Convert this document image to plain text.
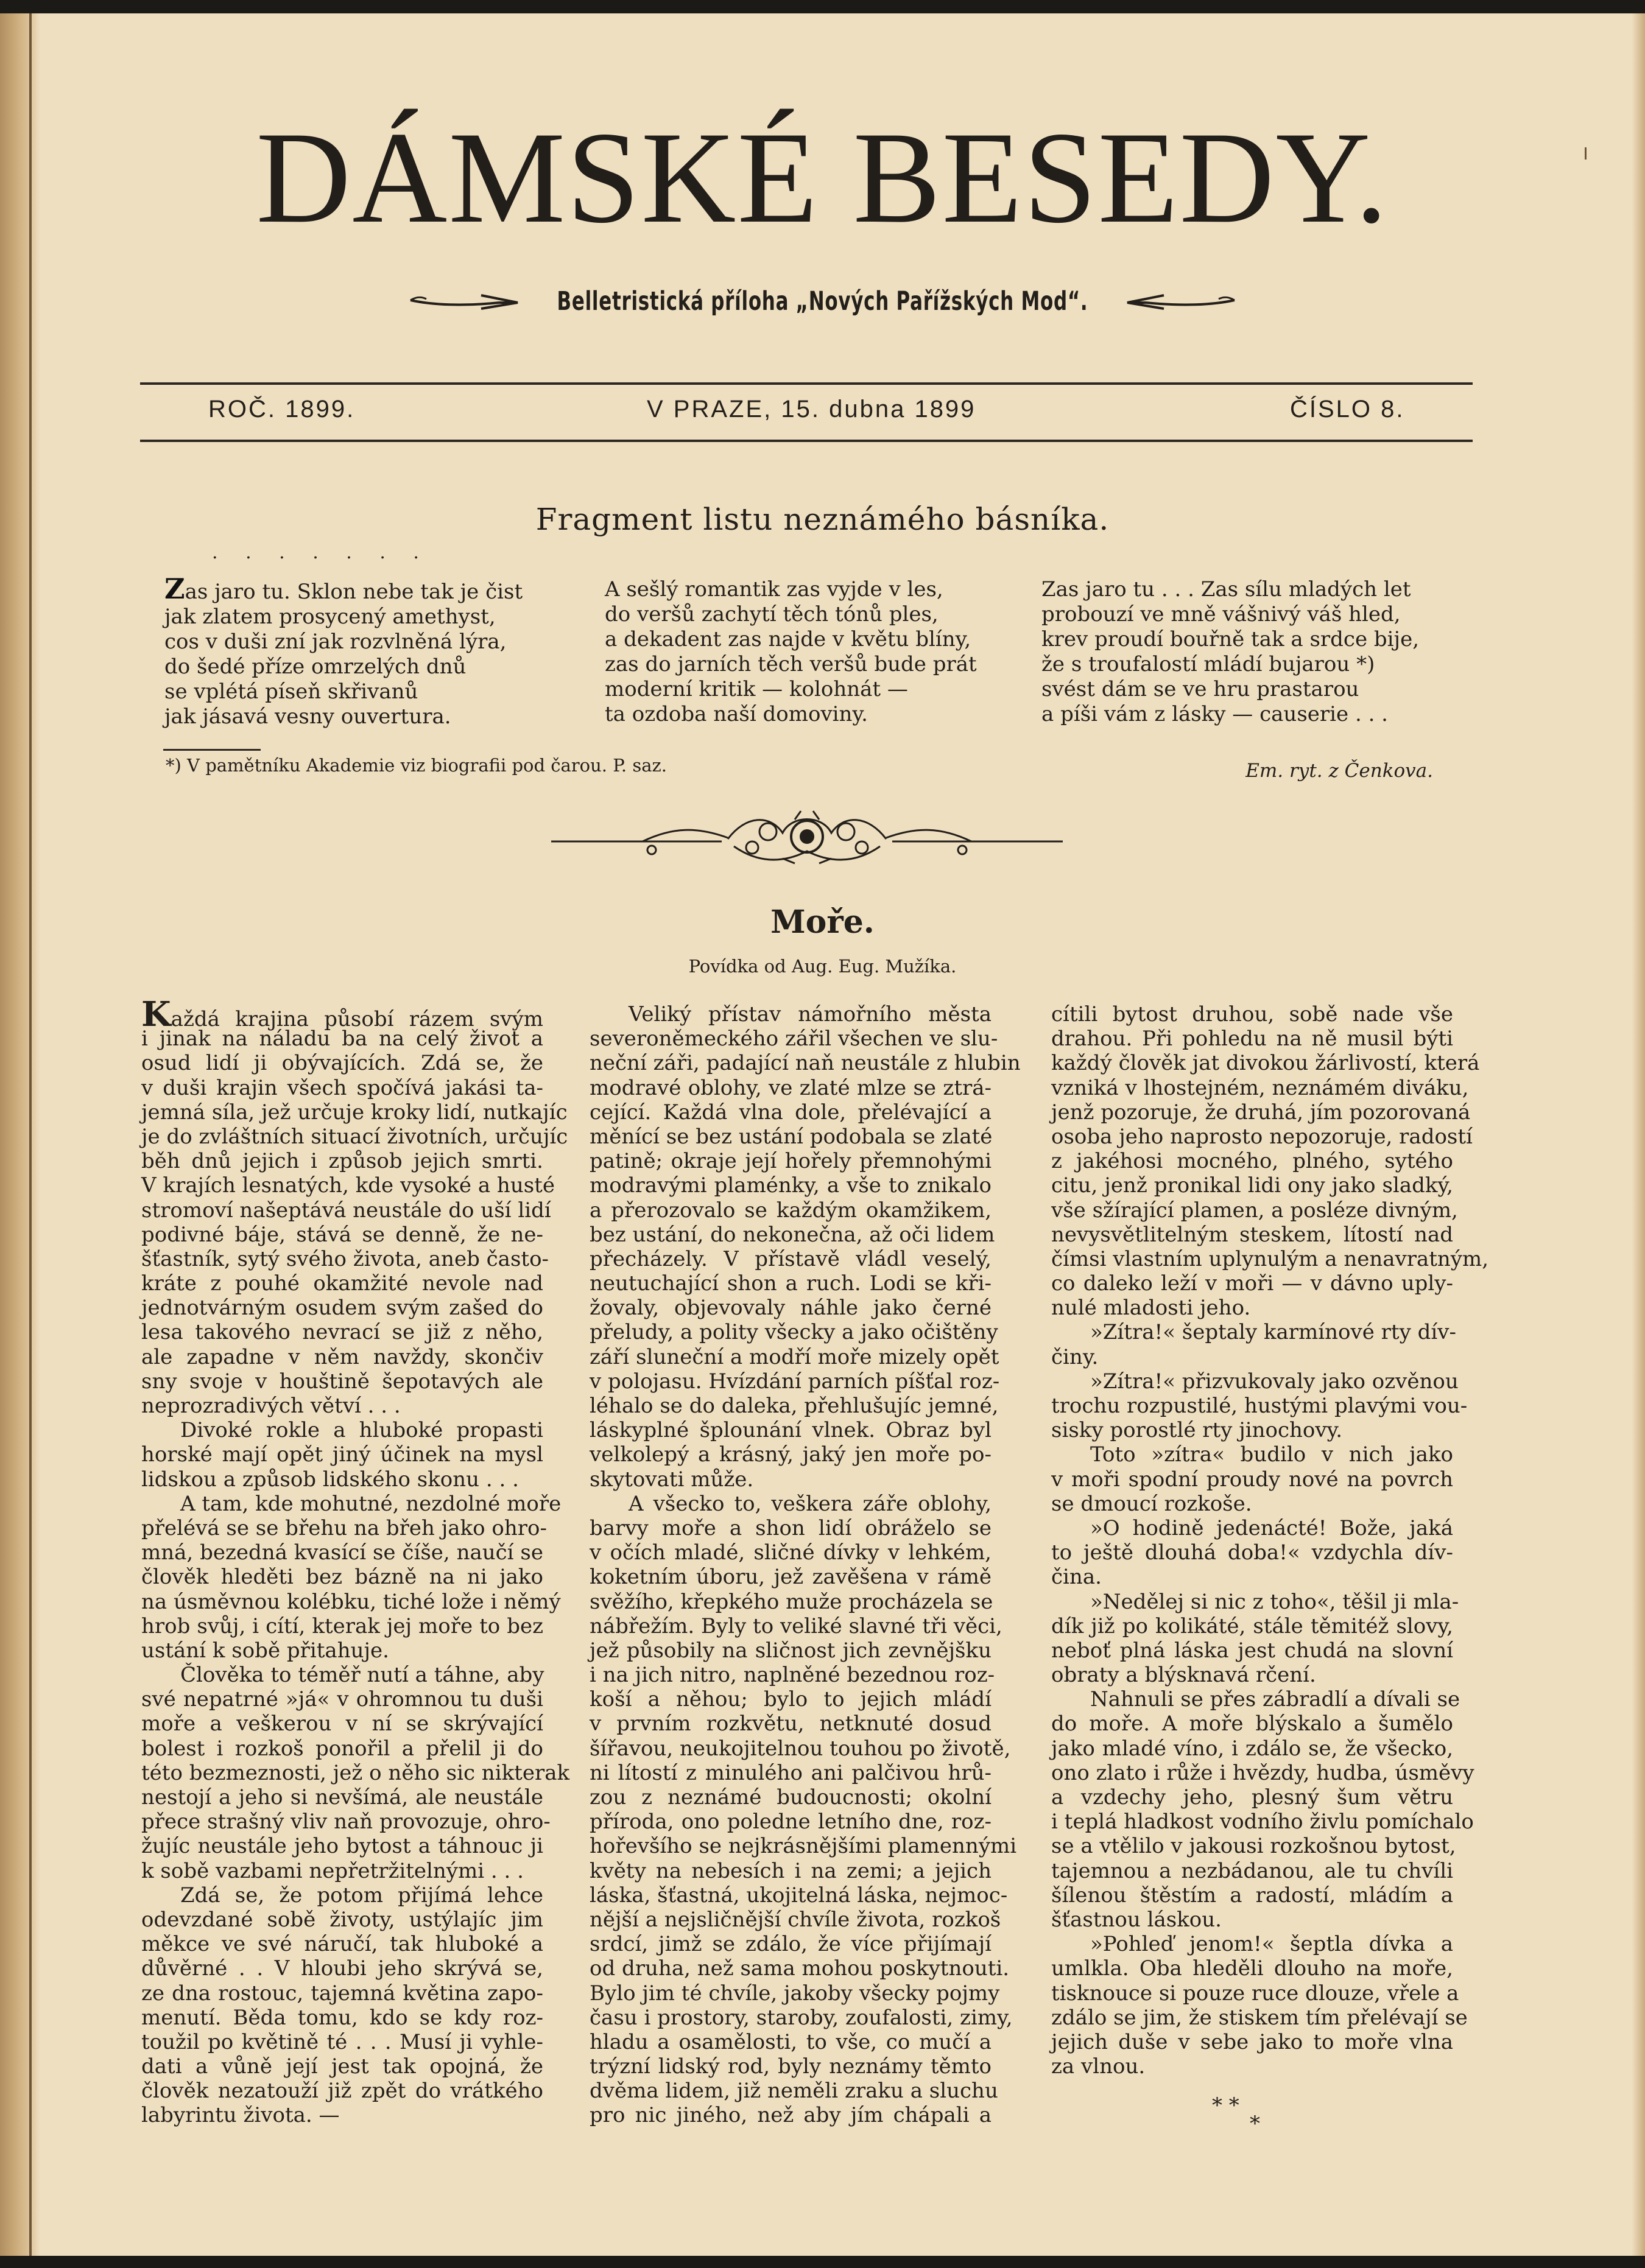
DÁMSKÉ BESEDY.
Belletristická příloha „Nových Pařížských Mod“.
ROČ. 1899.	V PRAZE, 15. dubna 1899	ČÍSLO 8.
Fragment listu neznámého básníka.
. . . . . . .
Zas jaro tu. Sklon nebe tak je čist
jak zlatem prosycený amethyst,
cos v duši zní jak rozvlněná lýra,
do šedé příze omrzelých dnů
se vplétá píseň skřivanů
jak jásavá vesny ouvertura.
A sešlý romantik zas vyjde v les,
do veršů zachytí těch tónů ples,
a dekadent zas najde v květu blíny,
zas do jarních těch veršů bude prát
moderní kritik — kolohnát —
ta ozdoba naší domoviny.
Zas jaro tu . . . Zas sílu mladých let
probouzí ve mně vášnivý váš hled,
krev proudí bouřně tak a srdce bije,
že s troufalostí mládí bujarou *)
svést dám se ve hru prastarou
a píši vám z lásky — causerie . . .
*) V pamětníku Akademie viz biografii pod čarou. P. saz.	Em. ryt. z Čenkova.
Moře.
Povídka od Aug. Eug. Mužíka.
Každá krajina působí rázem svým
i jinak na náladu ba na celý život a
osud lidí ji obývajících. Zdá se, že
v duši krajin všech spočívá jakási ta-
jemná síla, jež určuje kroky lidí, nutkajíc
je do zvláštních situací životních, určujíc
běh dnů jejich i způsob jejich smrti.
V krajích lesnatých, kde vysoké a husté
stromoví našeptává neustále do uší lidí
podivné báje, stává se denně, že ne-
šťastník, sytý svého života, aneb často-
kráte z pouhé okamžité nevole nad
jednotvárným osudem svým zašed do
lesa takového nevrací se již z něho,
ale zapadne v něm navždy, skončiv
sny svoje v houštině šepotavých ale
neprozradivých větví . . .
Divoké rokle a hluboké propasti
horské mají opět jiný účinek na mysl
lidskou a způsob lidského skonu . . .
A tam, kde mohutné, nezdolné moře
přelévá se se břehu na břeh jako ohro-
mná, bezedná kvasící se číše, naučí se
člověk hleděti bez bázně na ni jako
na úsměvnou kolébku, tiché lože i němý
hrob svůj, i cítí, kterak jej moře to bez
ustání k sobě přitahuje.
Člověka to téměř nutí a táhne, aby
své nepatrné »já« v ohromnou tu duši
moře a veškerou v ní se skrývající
bolest i rozkoš ponořil a přelil ji do
této bezmeznosti, jež o něho sic nikterak
nestojí a jeho si nevšímá, ale neustále
přece strašný vliv naň provozuje, ohro-
žujíc neustále jeho bytost a táhnouc ji
k sobě vazbami nepřetržitelnými . . .
Zdá se, že potom přijímá lehce
odevzdané sobě životy, ustýlajíc jim
měkce ve své náručí, tak hluboké a
důvěrné . . V hloubi jeho skrývá se,
ze dna rostouc, tajemná květina zapo-
menutí. Běda tomu, kdo se kdy roz-
toužil po květině té . . . Musí ji vyhle-
dati a vůně její jest tak opojná, že
člověk nezatouží již zpět do vrátkého
labyrintu života. —
Veliký přístav námořního města
severoněmeckého zářil všechen ve slu-
neční záři, padající naň neustále z hlubin
modravé oblohy, ve zlaté mlze se ztrá-
cející. Každá vlna dole, přelévající a
měnící se bez ustání podobala se zlaté
patině; okraje její hořely přemnohými
modravými plaménky, a vše to znikalo
a přerozovalo se každým okamžikem,
bez ustání, do nekonečna, až oči lidem
přecházely. V přístavě vládl veselý,
neutuchající shon a ruch. Lodi se kři-
žovaly, objevovaly náhle jako černé
přeludy, a polity všecky a jako očištěny
září sluneční a modří moře mizely opět
v polojasu. Hvízdání parních píšťal roz-
léhalo se do daleka, přehlušujíc jemné,
láskyplné šplounání vlnek. Obraz byl
velkolepý a krásný, jaký jen moře po-
skytovati může.
A všecko to, veškera záře oblohy,
barvy moře a shon lidí obráželo se
v očích mladé, sličné dívky v lehkém,
koketním úboru, jež zavěšena v rámě
svěžího, křepkého muže procházela se
nábřežím. Byly to veliké slavné tři věci,
jež působily na sličnost jich zevnějšku
i na jich nitro, naplněné bezednou roz-
koší a něhou; bylo to jejich mládí
v prvním rozkvětu, netknuté dosud
šířavou, neukojitelnou touhou po životě,
ni lítostí z minulého ani palčivou hrů-
zou z neznámé budoucnosti; okolní
příroda, ono poledne letního dne, roz-
hořevšího se nejkrásnějšími plamennými
květy na nebesích i na zemi; a jejich
láska, šťastná, ukojitelná láska, nejmoc-
nější a nejsličnější chvíle života, rozkoš
srdcí, jimž se zdálo, že více přijímají
od druha, než sama mohou poskytnouti.
Bylo jim té chvíle, jakoby všecky pojmy
času i prostory, staroby, zoufalosti, zimy,
hladu a osamělosti, to vše, co mučí a
trýzní lidský rod, byly neznámy těmto
dvěma lidem, již neměli zraku a sluchu
pro nic jiného, než aby jím chápali a
cítili bytost druhou, sobě nade vše
drahou. Při pohledu na ně musil býti
každý člověk jat divokou žárlivostí, která
vzniká v lhostejném, neznámém diváku,
jenž pozoruje, že druhá, jím pozorovaná
osoba jeho naprosto nepozoruje, radostí
z jakéhosi mocného, plného, sytého
citu, jenž pronikal lidi ony jako sladký,
vše sžírající plamen, a posléze divným,
nevysvětlitelným steskem, lítostí nad
čímsi vlastním uplynulým a nenavratným,
co daleko leží v moři — v dávno uply-
nulé mladosti jeho.
»Zítra!« šeptaly karmínové rty dív-
činy.
»Zítra!« přizvukovaly jako ozvěnou
trochu rozpustilé, hustými plavými vou-
sisky porostlé rty jinochovy.
Toto »zítra« budilo v nich jako
v moři spodní proudy nové na povrch
se dmoucí rozkoše.
»O hodině jedenácté! Bože, jaká
to ještě dlouhá doba!« vzdychla dív-
čina.
»Nedělej si nic z toho«, těšil ji mla-
dík již po kolikáté, stále těmitéž slovy,
neboť plná láska jest chudá na slovní
obraty a blýsknavá rčení.
Nahnuli se přes zábradlí a dívali se
do moře. A moře blýskalo a šumělo
jako mladé víno, i zdálo se, že všecko,
ono zlato i růže i hvězdy, hudba, úsměvy
a vzdechy jeho, plesný šum větru
i teplá hladkost vodního živlu pomíchalo
se a vtělilo v jakousi rozkošnou bytost,
tajemnou a nezbádanou, ale tu chvíli
šílenou štěstím a radostí, mládím a
šťastnou láskou.
»Pohleď jenom!« šeptla dívka a
umlkla. Oba hleděli dlouho na moře,
tisknouce si pouze ruce dlouze, vřele a
zdálo se jim, že stiskem tím přelévají se
jejich duše v sebe jako to moře vlna
za vlnou.
* *
*
